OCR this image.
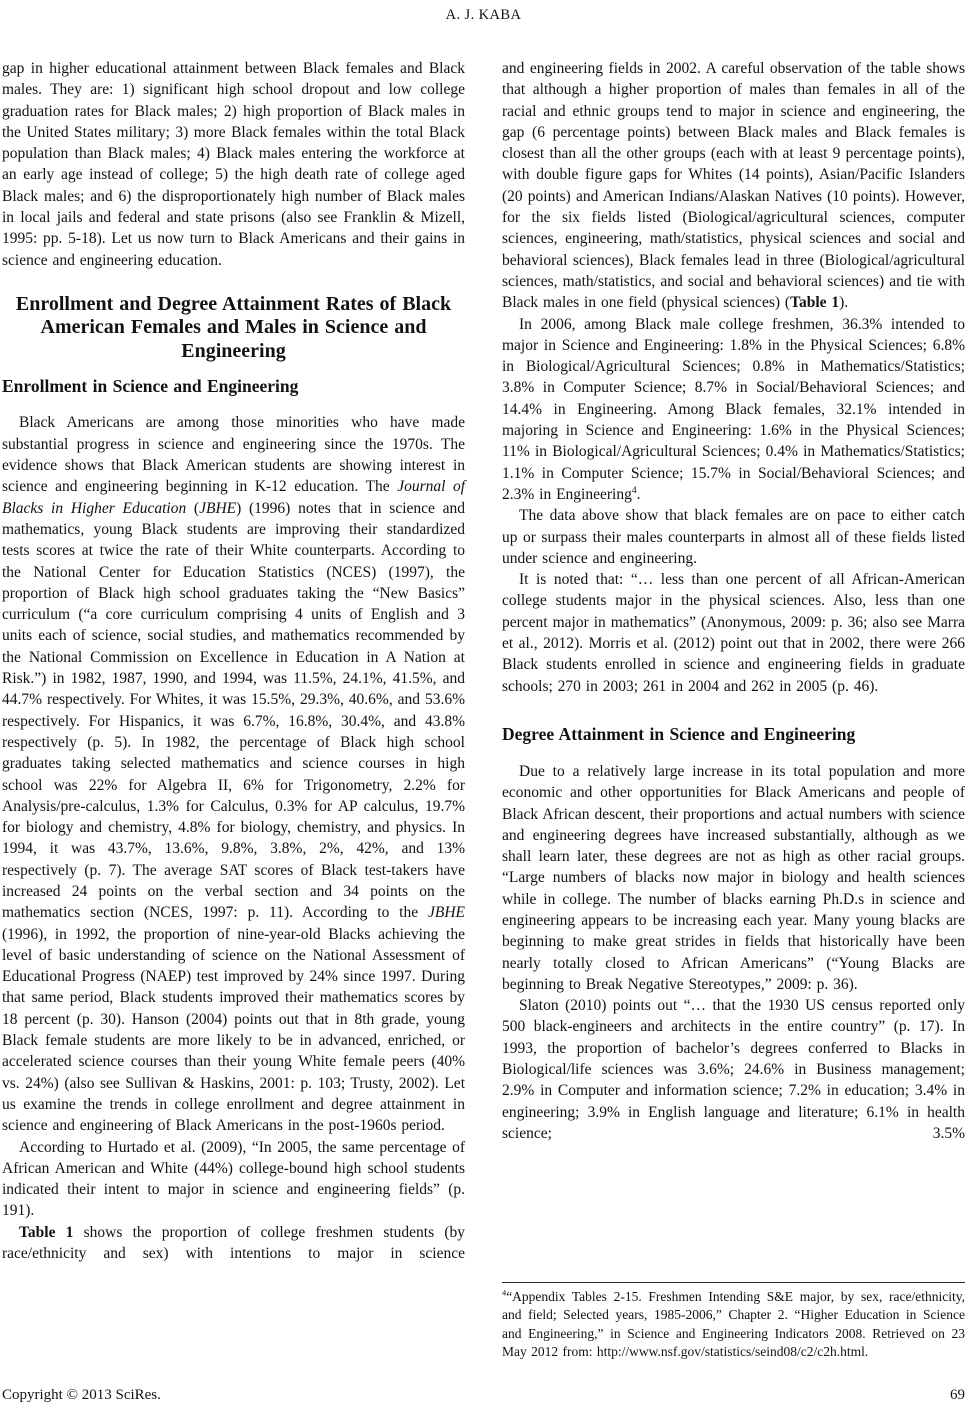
A. J. KABA

gap in higher educational attainment between Black females and Black males. They are: 1) significant high school dropout and low college graduation rates for Black males; 2) high proportion of Black males in the United States military; 3) more Black females within the total Black population than Black males; 4) Black males entering the workforce at an early age instead of college; 5) the high death rate of college aged Black males; and 6) the disproportionately high number of Black males in local jails and federal and state prisons (also see Franklin & Mizell, 1995: pp. 5-18). Let us now turn to Black Americans and their gains in science and engineering education.

Enrollment and Degree Attainment Rates of Black American Females and Males in Science and Engineering
Enrollment in Science and Engineering

Black Americans are among those minorities who have made substantial progress in science and engineering since the 1970s. The evidence shows that Black American students are showing interest in science and engineering beginning in K-12 education. The Journal of Blacks in Higher Education (JBHE) (1996) notes that in science and mathematics, young Black students are improving their standardized tests scores at twice the rate of their White counterparts. According to the National Center for Education Statistics (NCES) (1997), the proportion of Black high school graduates taking the “New Basics” curriculum (“a core curriculum comprising 4 units of English and 3 units each of science, social studies, and mathematics recommended by the National Commission on Excellence in Education in A Nation at Risk.”) in 1982, 1987, 1990, and 1994, was 11.5%, 24.1%, 41.5%, and 44.7% respectively. For Whites, it was 15.5%, 29.3%, 40.6%, and 53.6% respectively. For Hispanics, it was 6.7%, 16.8%, 30.4%, and 43.8% respectively (p. 5). In 1982, the percentage of Black high school graduates taking selected mathematics and science courses in high school was 22% for Algebra II, 6% for Trigonometry, 2.2% for Analysis/pre-calculus, 1.3% for Calculus, 0.3% for AP calculus, 19.7% for biology and chemistry, 4.8% for biology, chemistry, and physics. In 1994, it was 43.7%, 13.6%, 9.8%, 3.8%, 2%, 42%, and 13% respectively (p. 7). The average SAT scores of Black test-takers have increased 24 points on the verbal section and 34 points on the mathematics section (NCES, 1997: p. 11). According to the JBHE (1996), in 1992, the proportion of nine-year-old Blacks achieving the level of basic understanding of science on the National Assessment of Educational Progress (NAEP) test improved by 24% since 1997. During that same period, Black students improved their mathematics scores by 18 percent (p. 30). Hanson (2004) points out that in 8th grade, young Black female students are more likely to be in advanced, enriched, or accelerated science courses than their young White female peers (40% vs. 24%) (also see Sullivan & Haskins, 2001: p. 103; Trusty, 2002). Let us examine the trends in college enrollment and degree attainment in science and engineering of Black Americans in the post-1960s period.

According to Hurtado et al. (2009), “In 2005, the same percentage of African American and White (44%) college-bound high school students indicated their intent to major in science and engineering fields” (p. 191).

Table 1 shows the proportion of college freshmen students (by race/ethnicity and sex) with intentions to major in science

and engineering fields in 2002. A careful observation of the table shows that although a higher proportion of males than females in all of the racial and ethnic groups tend to major in science and engineering, the gap (6 percentage points) between Black males and Black females is closest than all the other groups (each with at least 9 percentage points), with double figure gaps for Whites (14 points), Asian/Pacific Islanders (20 points) and American Indians/Alaskan Natives (10 points). However, for the six fields listed (Biological/agricultural sciences, computer sciences, engineering, math/statistics, physical sciences and social and behavioral sciences), Black females lead in three (Biological/agricultural sciences, math/statistics, and social and behavioral sciences) and tie with Black males in one field (physical sciences) (Table 1).

In 2006, among Black male college freshmen, 36.3% intended to major in Science and Engineering: 1.8% in the Physical Sciences; 6.8% in Biological/Agricultural Sciences; 0.8% in Mathematics/Statistics; 3.8% in Computer Science; 8.7% in Social/Behavioral Sciences; and 14.4% in Engineering. Among Black females, 32.1% intended in majoring in Science and Engineering: 1.6% in the Physical Sciences; 11% in Biological/Agricultural Sciences; 0.4% in Mathematics/Statistics; 1.1% in Computer Science; 15.7% in Social/Behavioral Sciences; and 2.3% in Engineering$^4$.

The data above show that black females are on pace to either catch up or surpass their males counterparts in almost all of these fields listed under science and engineering.

It is noted that: “… less than one percent of all African-American college students major in the physical sciences. Also, less than one percent major in mathematics” (Anonymous, 2009: p. 36; also see Marra et al., 2012). Morris et al. (2012) point out that in 2002, there were 266 Black students enrolled in science and engineering fields in graduate schools; 270 in 2003; 261 in 2004 and 262 in 2005 (p. 46).

Degree Attainment in Science and Engineering

Due to a relatively large increase in its total population and more economic and other opportunities for Black Americans and people of Black African descent, their proportions and actual numbers with science and engineering degrees have increased substantially, although as we shall learn later, these degrees are not as high as other racial groups. “Large numbers of blacks now major in biology and health sciences while in college. The number of blacks earning Ph.D.s in science and engineering appears to be increasing each year. Many young blacks are beginning to make great strides in fields that historically have been nearly totally closed to African Americans” (“Young Blacks are beginning to Break Negative Stereotypes,” 2009: p. 36).

Slaton (2010) points out “… that the 1930 US census reported only 500 black-engineers and architects in the entire country” (p. 17). In 1993, the proportion of bachelor’s degrees conferred to Blacks in Biological/life sciences was 3.6%; 24.6% in Business management; 2.9% in Computer and information science; 7.2% in education; 3.4% in engineering; 3.9% in English language and literature; 6.1% in health science; 3.5%

$^4$“Appendix Tables 2-15. Freshmen Intending S&E major, by sex, race/ethnicity, and field; Selected years, 1985-2006,” Chapter 2. “Higher Education in Science and Engineering,” in Science and Engineering Indicators 2008. Retrieved on 23 May 2012 from: http://www.nsf.gov/statistics/seind08/c2/c2h.html.
Copyright © 2013 SciRes.	69
